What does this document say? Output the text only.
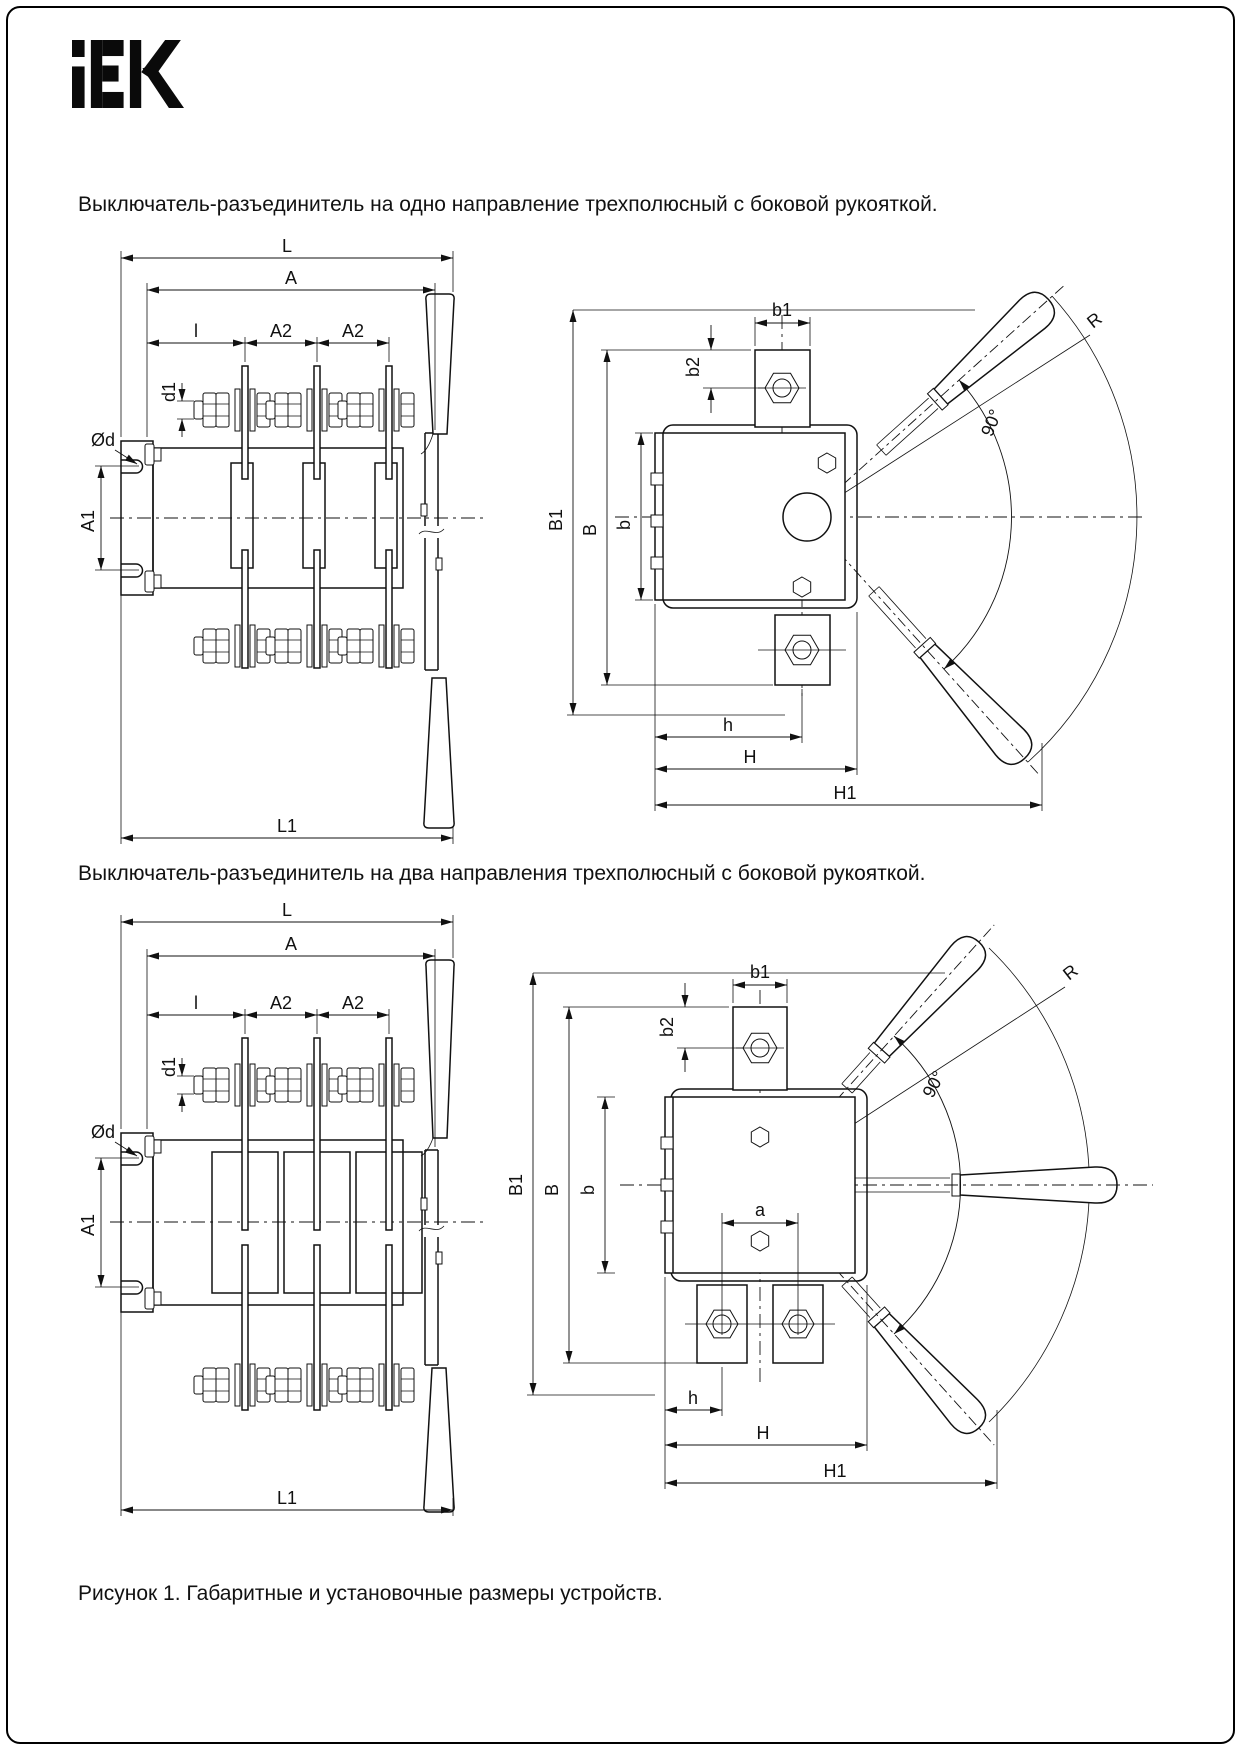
Выключатель-разъединитель на одно направление трехполюсный с боковой рукояткой.
L
A
l	A2	A2
d1
Ød
A1
L1
R
90°
b1
b2
B1 B b
h
H
H1
Выключатель-разъединитель на два направления трехполюсный с боковой рукояткой.
L
A
l	A2	A2
d1
Ød
A1
L1
R
90°
b1
b2
B1 B b
a
h
H
H1
Рисунок 1. Габаритные и установочные размеры устройств.
